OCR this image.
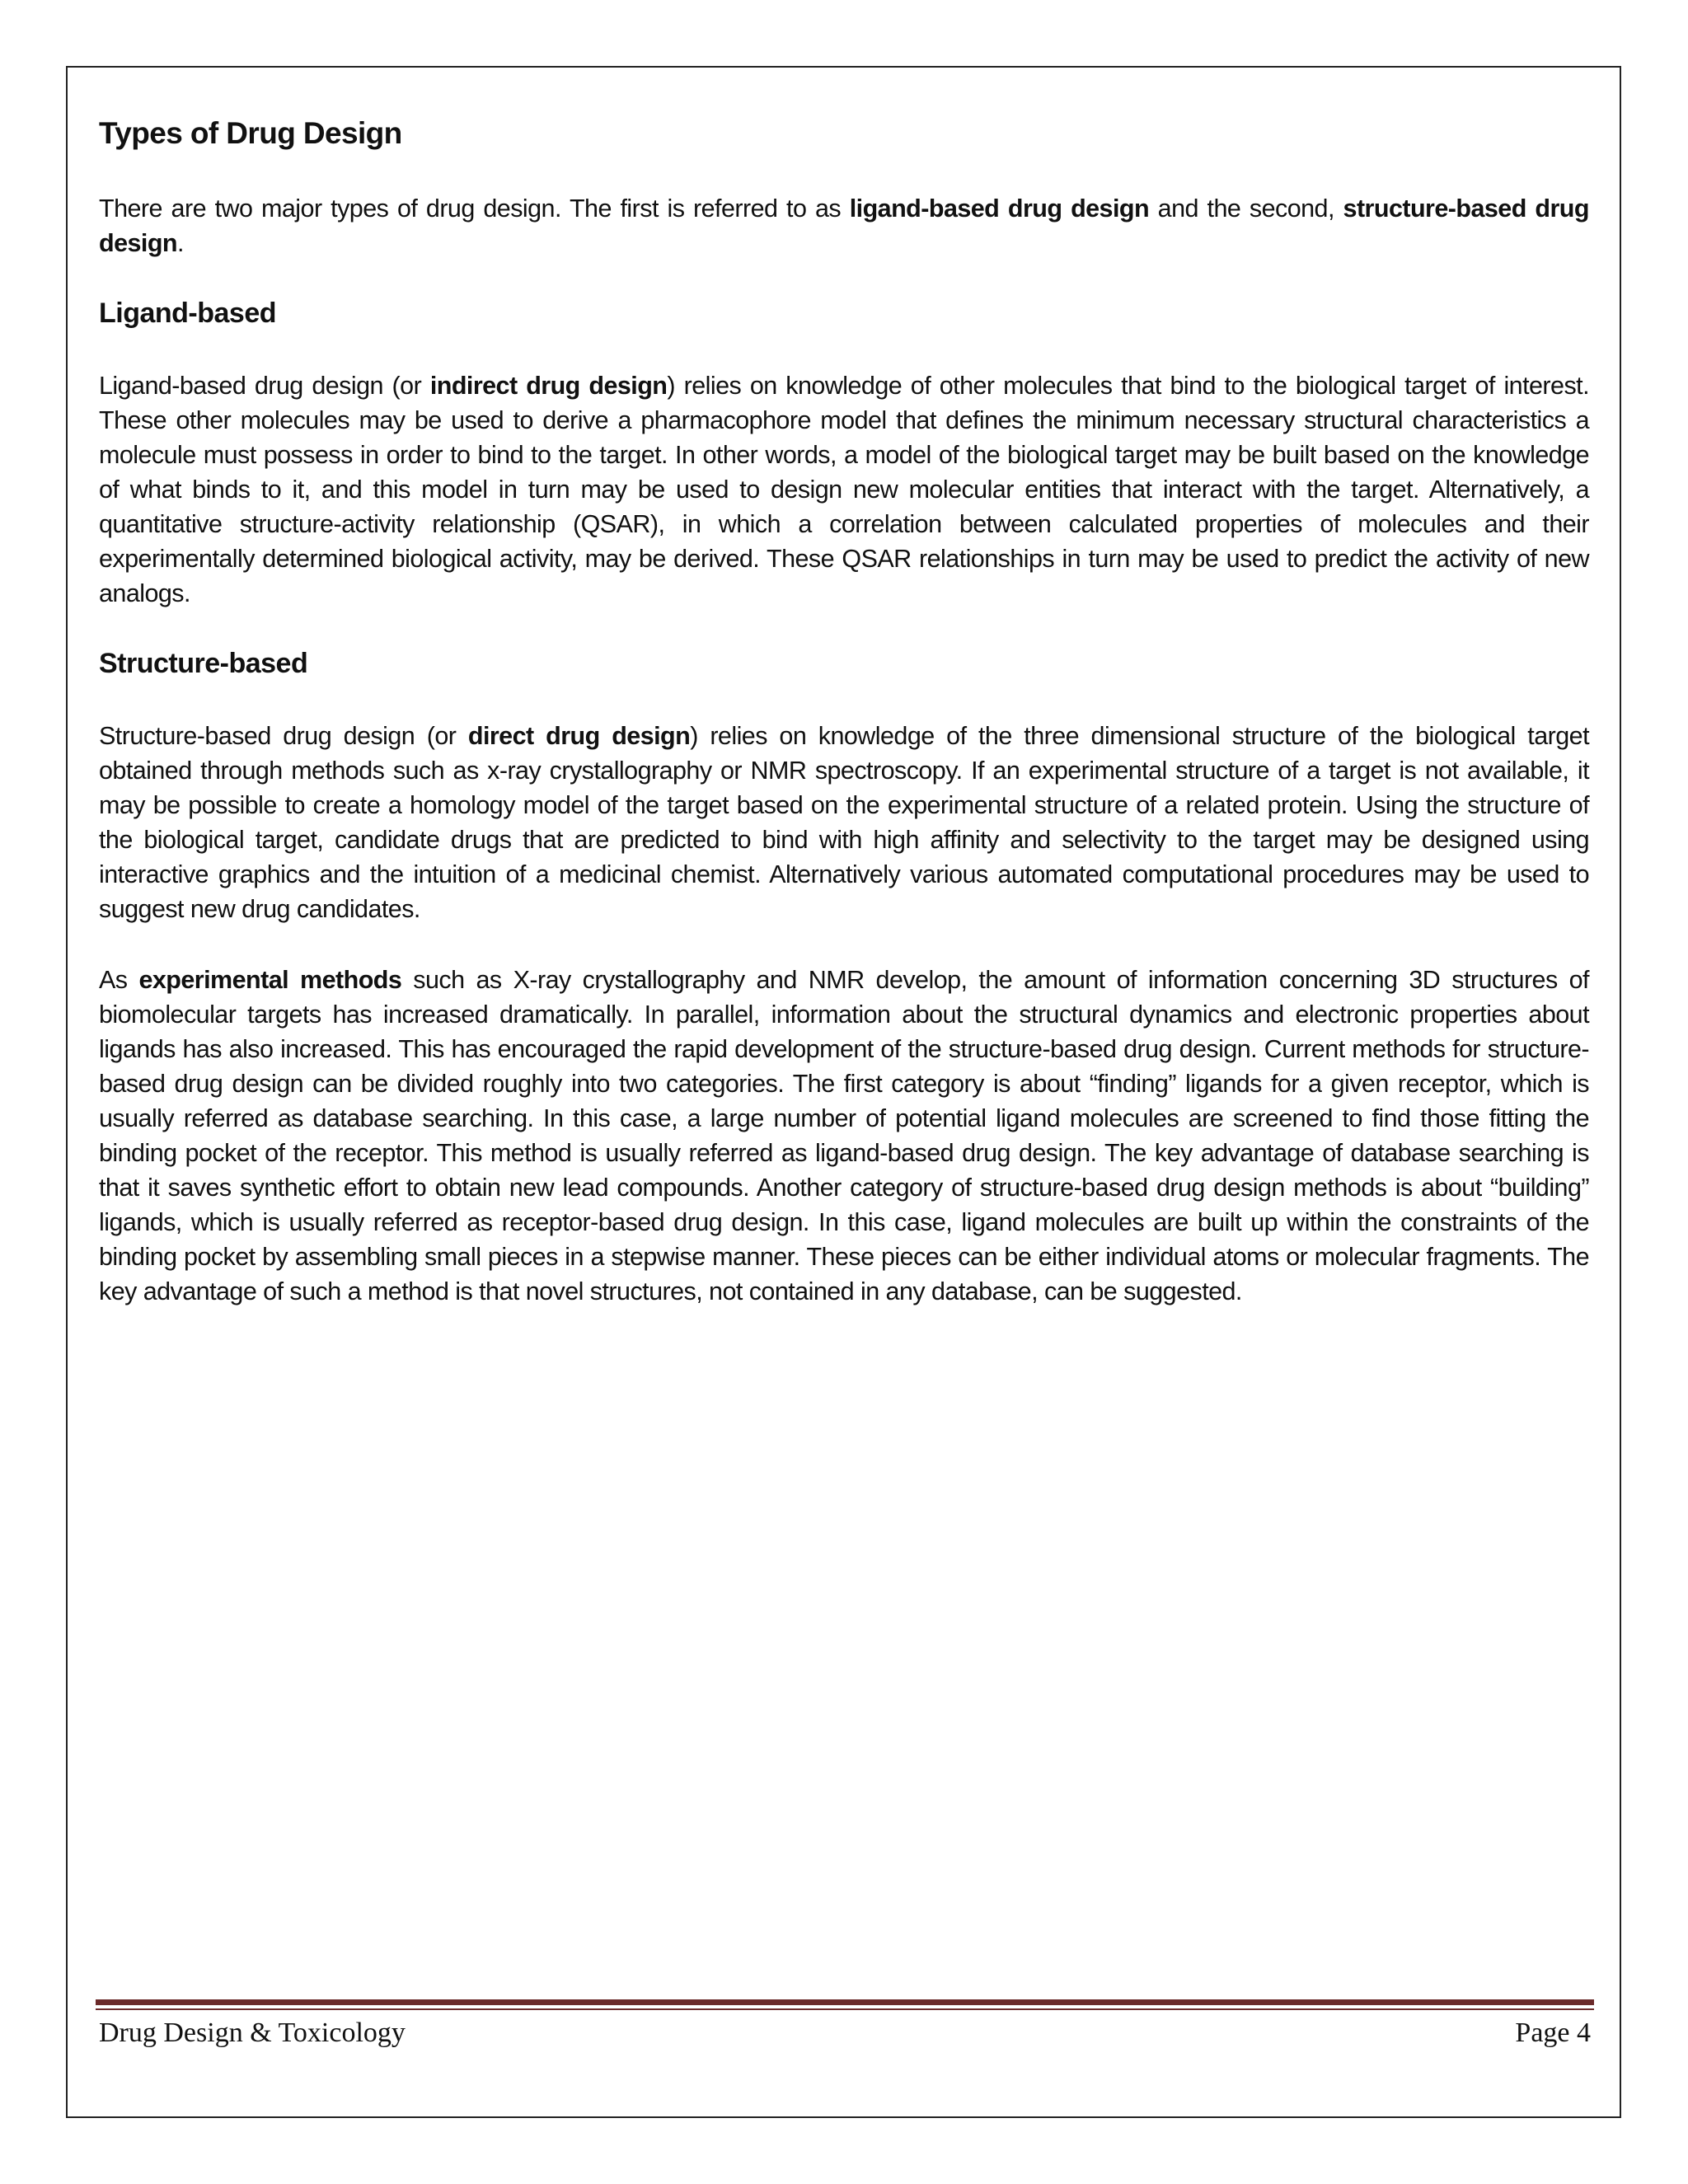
Types of Drug Design

There are two major types of drug design. The first is referred to as ligand-based drug design and the second, structure-based drug design.

Ligand-based

Ligand-based drug design (or indirect drug design) relies on knowledge of other molecules that bind to the biological target of interest. These other molecules may be used to derive a pharmacophore model that defines the minimum necessary structural characteristics a molecule must possess in order to bind to the target. In other words, a model of the biological target may be built based on the knowledge of what binds to it, and this model in turn may be used to design new molecular entities that interact with the target. Alternatively, a quantitative structure-activity relationship (QSAR), in which a correlation between calculated properties of molecules and their experimentally determined biological activity, may be derived. These QSAR relationships in turn may be used to predict the activity of new analogs.

Structure-based

Structure-based drug design (or direct drug design) relies on knowledge of the three dimensional structure of the biological target obtained through methods such as x-ray crystallography or NMR spectroscopy. If an experimental structure of a target is not available, it may be possible to create a homology model of the target based on the experimental structure of a related protein. Using the structure of the biological target, candidate drugs that are predicted to bind with high affinity and selectivity to the target may be designed using interactive graphics and the intuition of a medicinal chemist. Alternatively various automated computational procedures may be used to suggest new drug candidates.

As experimental methods such as X-ray crystallography and NMR develop, the amount of information concerning 3D structures of biomolecular targets has increased dramatically. In parallel, information about the structural dynamics and electronic properties about ligands has also increased. This has encouraged the rapid development of the structure-based drug design. Current methods for structure-based drug design can be divided roughly into two categories. The first category is about “finding” ligands for a given receptor, which is usually referred as database searching. In this case, a large number of potential ligand molecules are screened to find those fitting the binding pocket of the receptor. This method is usually referred as ligand-based drug design. The key advantage of database searching is that it saves synthetic effort to obtain new lead compounds. Another category of structure-based drug design methods is about “building” ligands, which is usually referred as receptor-based drug design. In this case, ligand molecules are built up within the constraints of the binding pocket by assembling small pieces in a stepwise manner. These pieces can be either individual atoms or molecular fragments. The key advantage of such a method is that novel structures, not contained in any database, can be suggested.

Drug Design & Toxicology	Page 4
